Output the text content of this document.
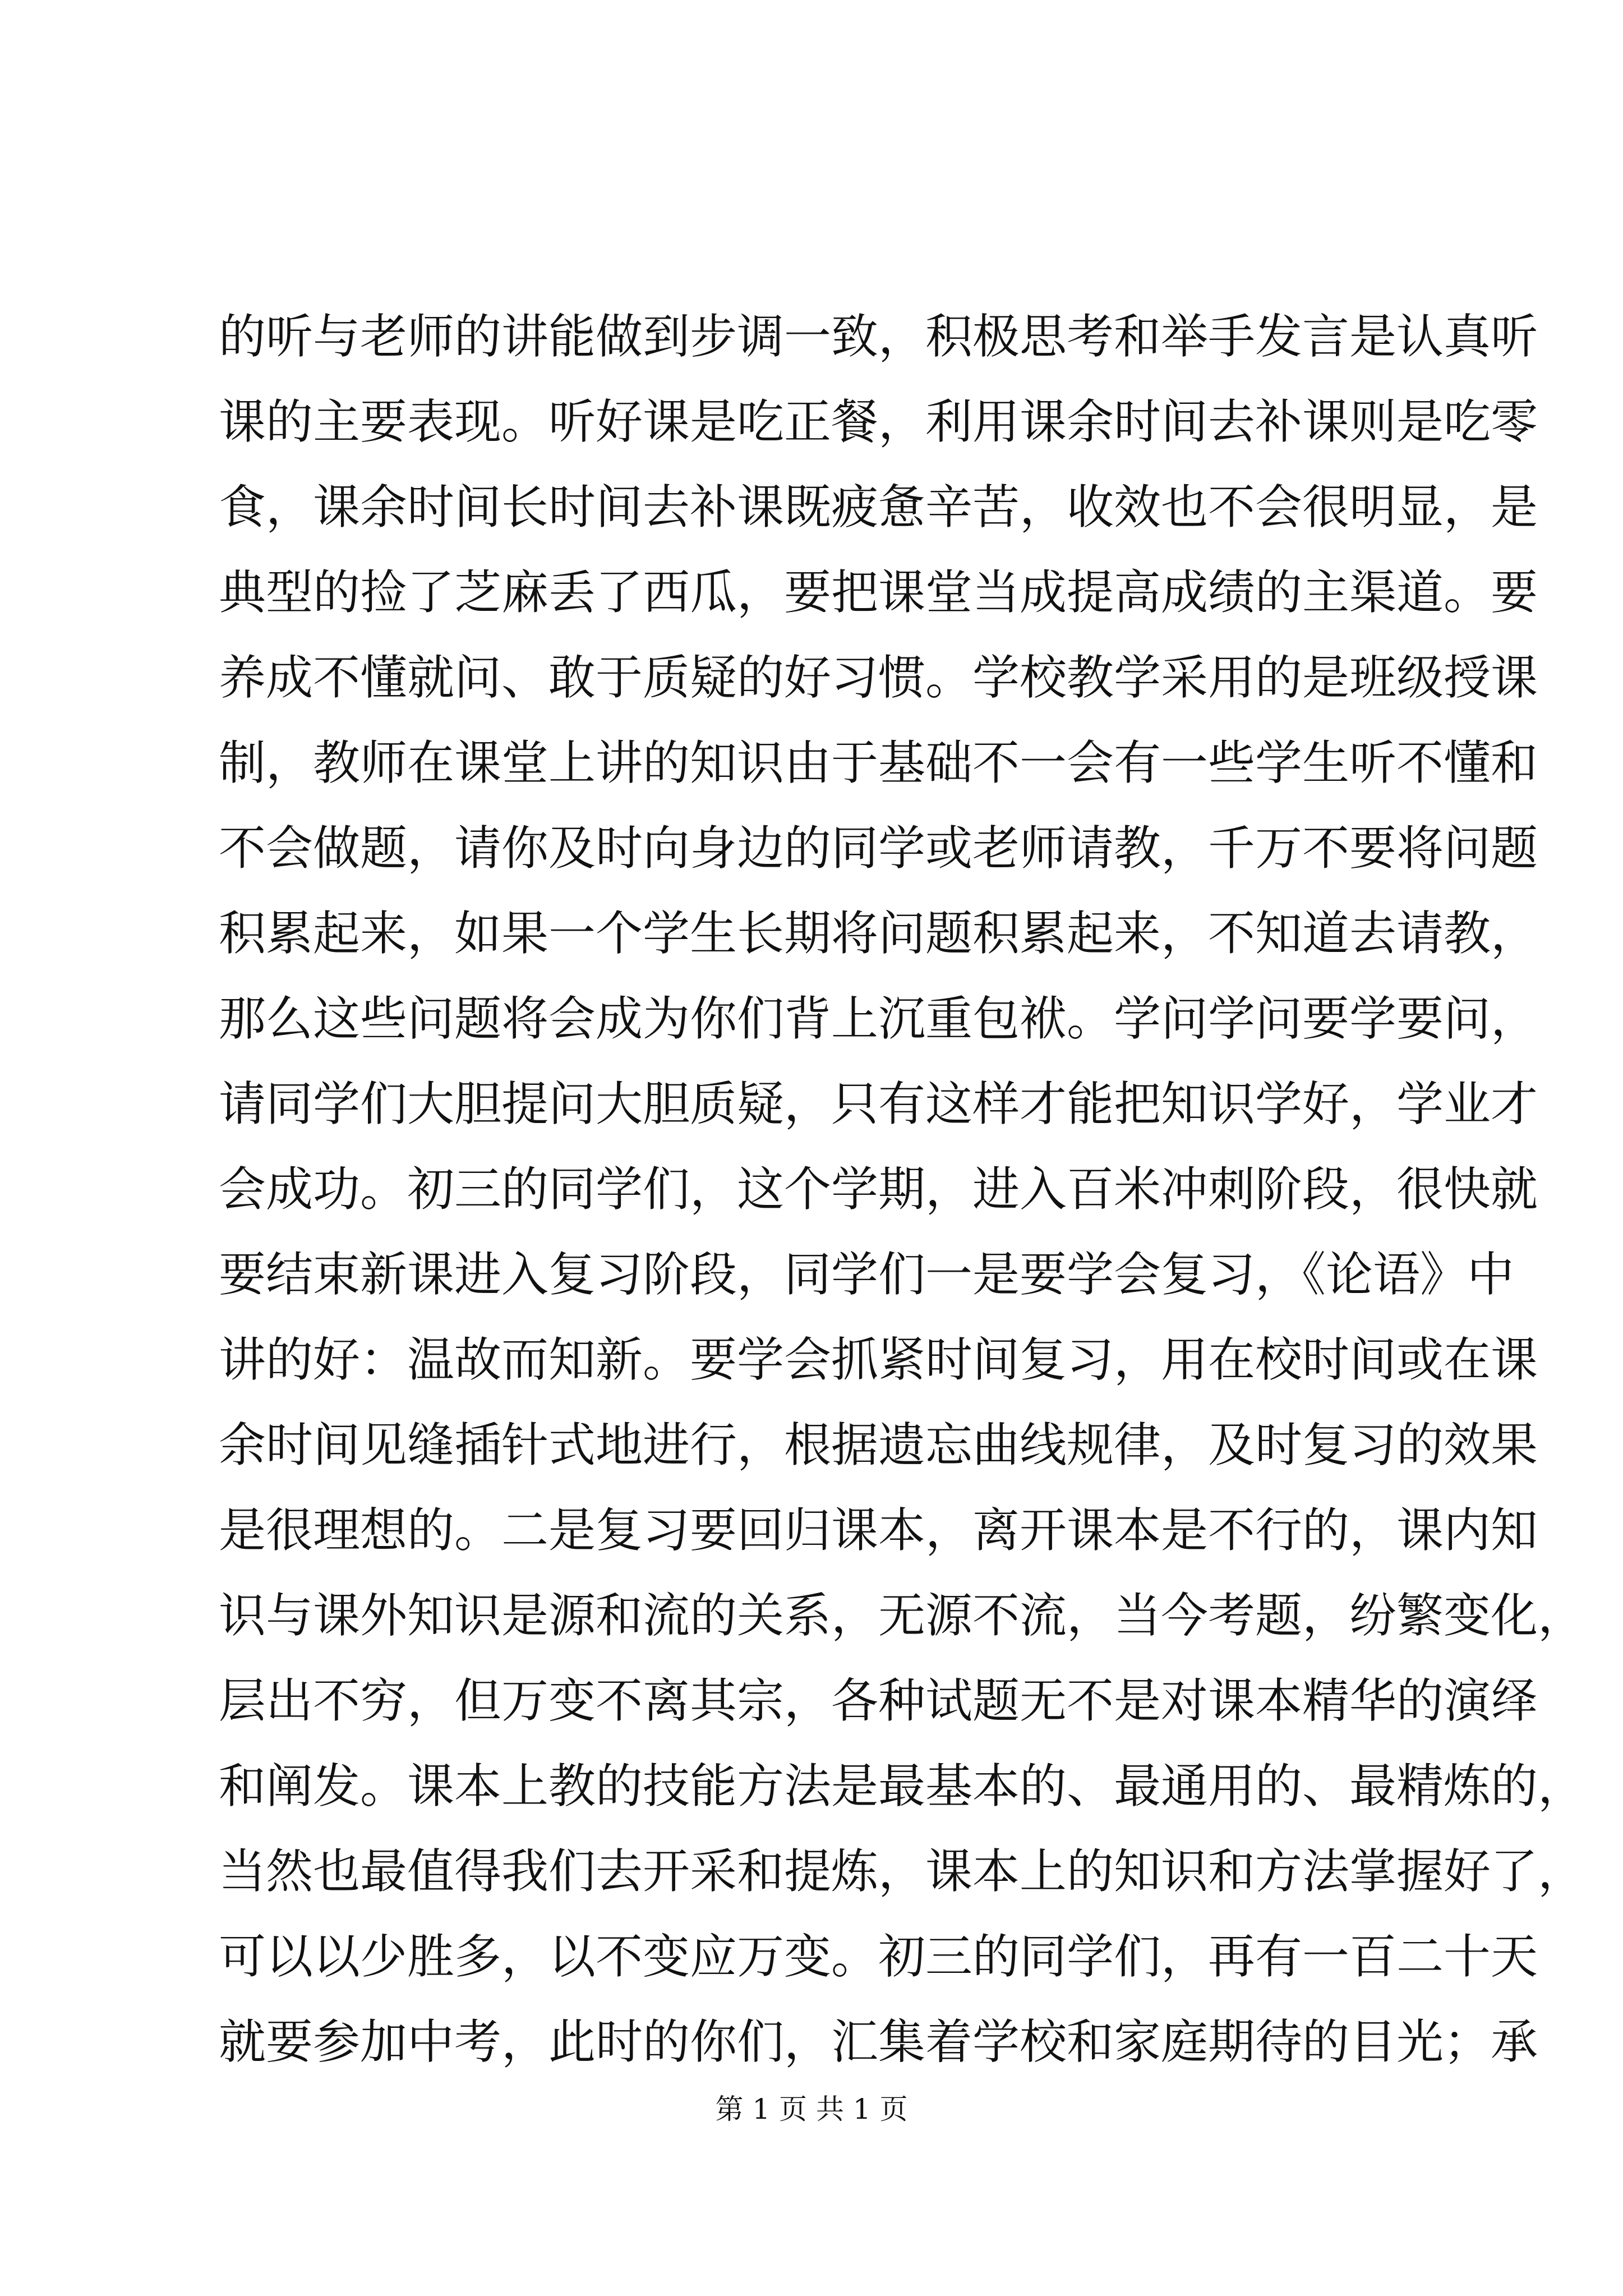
的听与老师的讲能做到步调一致，积极思考和举手发言是认真听
课的主要表现。听好课是吃正餐，利用课余时间去补课则是吃零
食，课余时间长时间去补课既疲惫辛苦，收效也不会很明显，是
典型的捡了芝麻丢了西瓜，要把课堂当成提高成绩的主渠道。要
养成不懂就问、敢于质疑的好习惯。学校教学采用的是班级授课
制，教师在课堂上讲的知识由于基础不一会有一些学生听不懂和
不会做题，请你及时向身边的同学或老师请教，千万不要将问题
积累起来，如果一个学生长期将问题积累起来，不知道去请教，
那么这些问题将会成为你们背上沉重包袱。学问学问要学要问，
请同学们大胆提问大胆质疑，只有这样才能把知识学好，学业才
会成功。初三的同学们，这个学期，进入百米冲刺阶段，很快就
要结束新课进入复习阶段，同学们一是要学会复习，《论语》中
讲的好：温故而知新。要学会抓紧时间复习，用在校时间或在课
余时间见缝插针式地进行，根据遗忘曲线规律，及时复习的效果
是很理想的。二是复习要回归课本，离开课本是不行的，课内知
识与课外知识是源和流的关系，无源不流，当今考题，纷繁变化，
层出不穷，但万变不离其宗，各种试题无不是对课本精华的演绎
和阐发。课本上教的技能方法是最基本的、最通用的、最精炼的，
当然也最值得我们去开采和提炼，课本上的知识和方法掌握好了，
可以以少胜多，以不变应万变。初三的同学们，再有一百二十天
就要参加中考，此时的你们，汇集着学校和家庭期待的目光；承
第 1 页 共 1 页
